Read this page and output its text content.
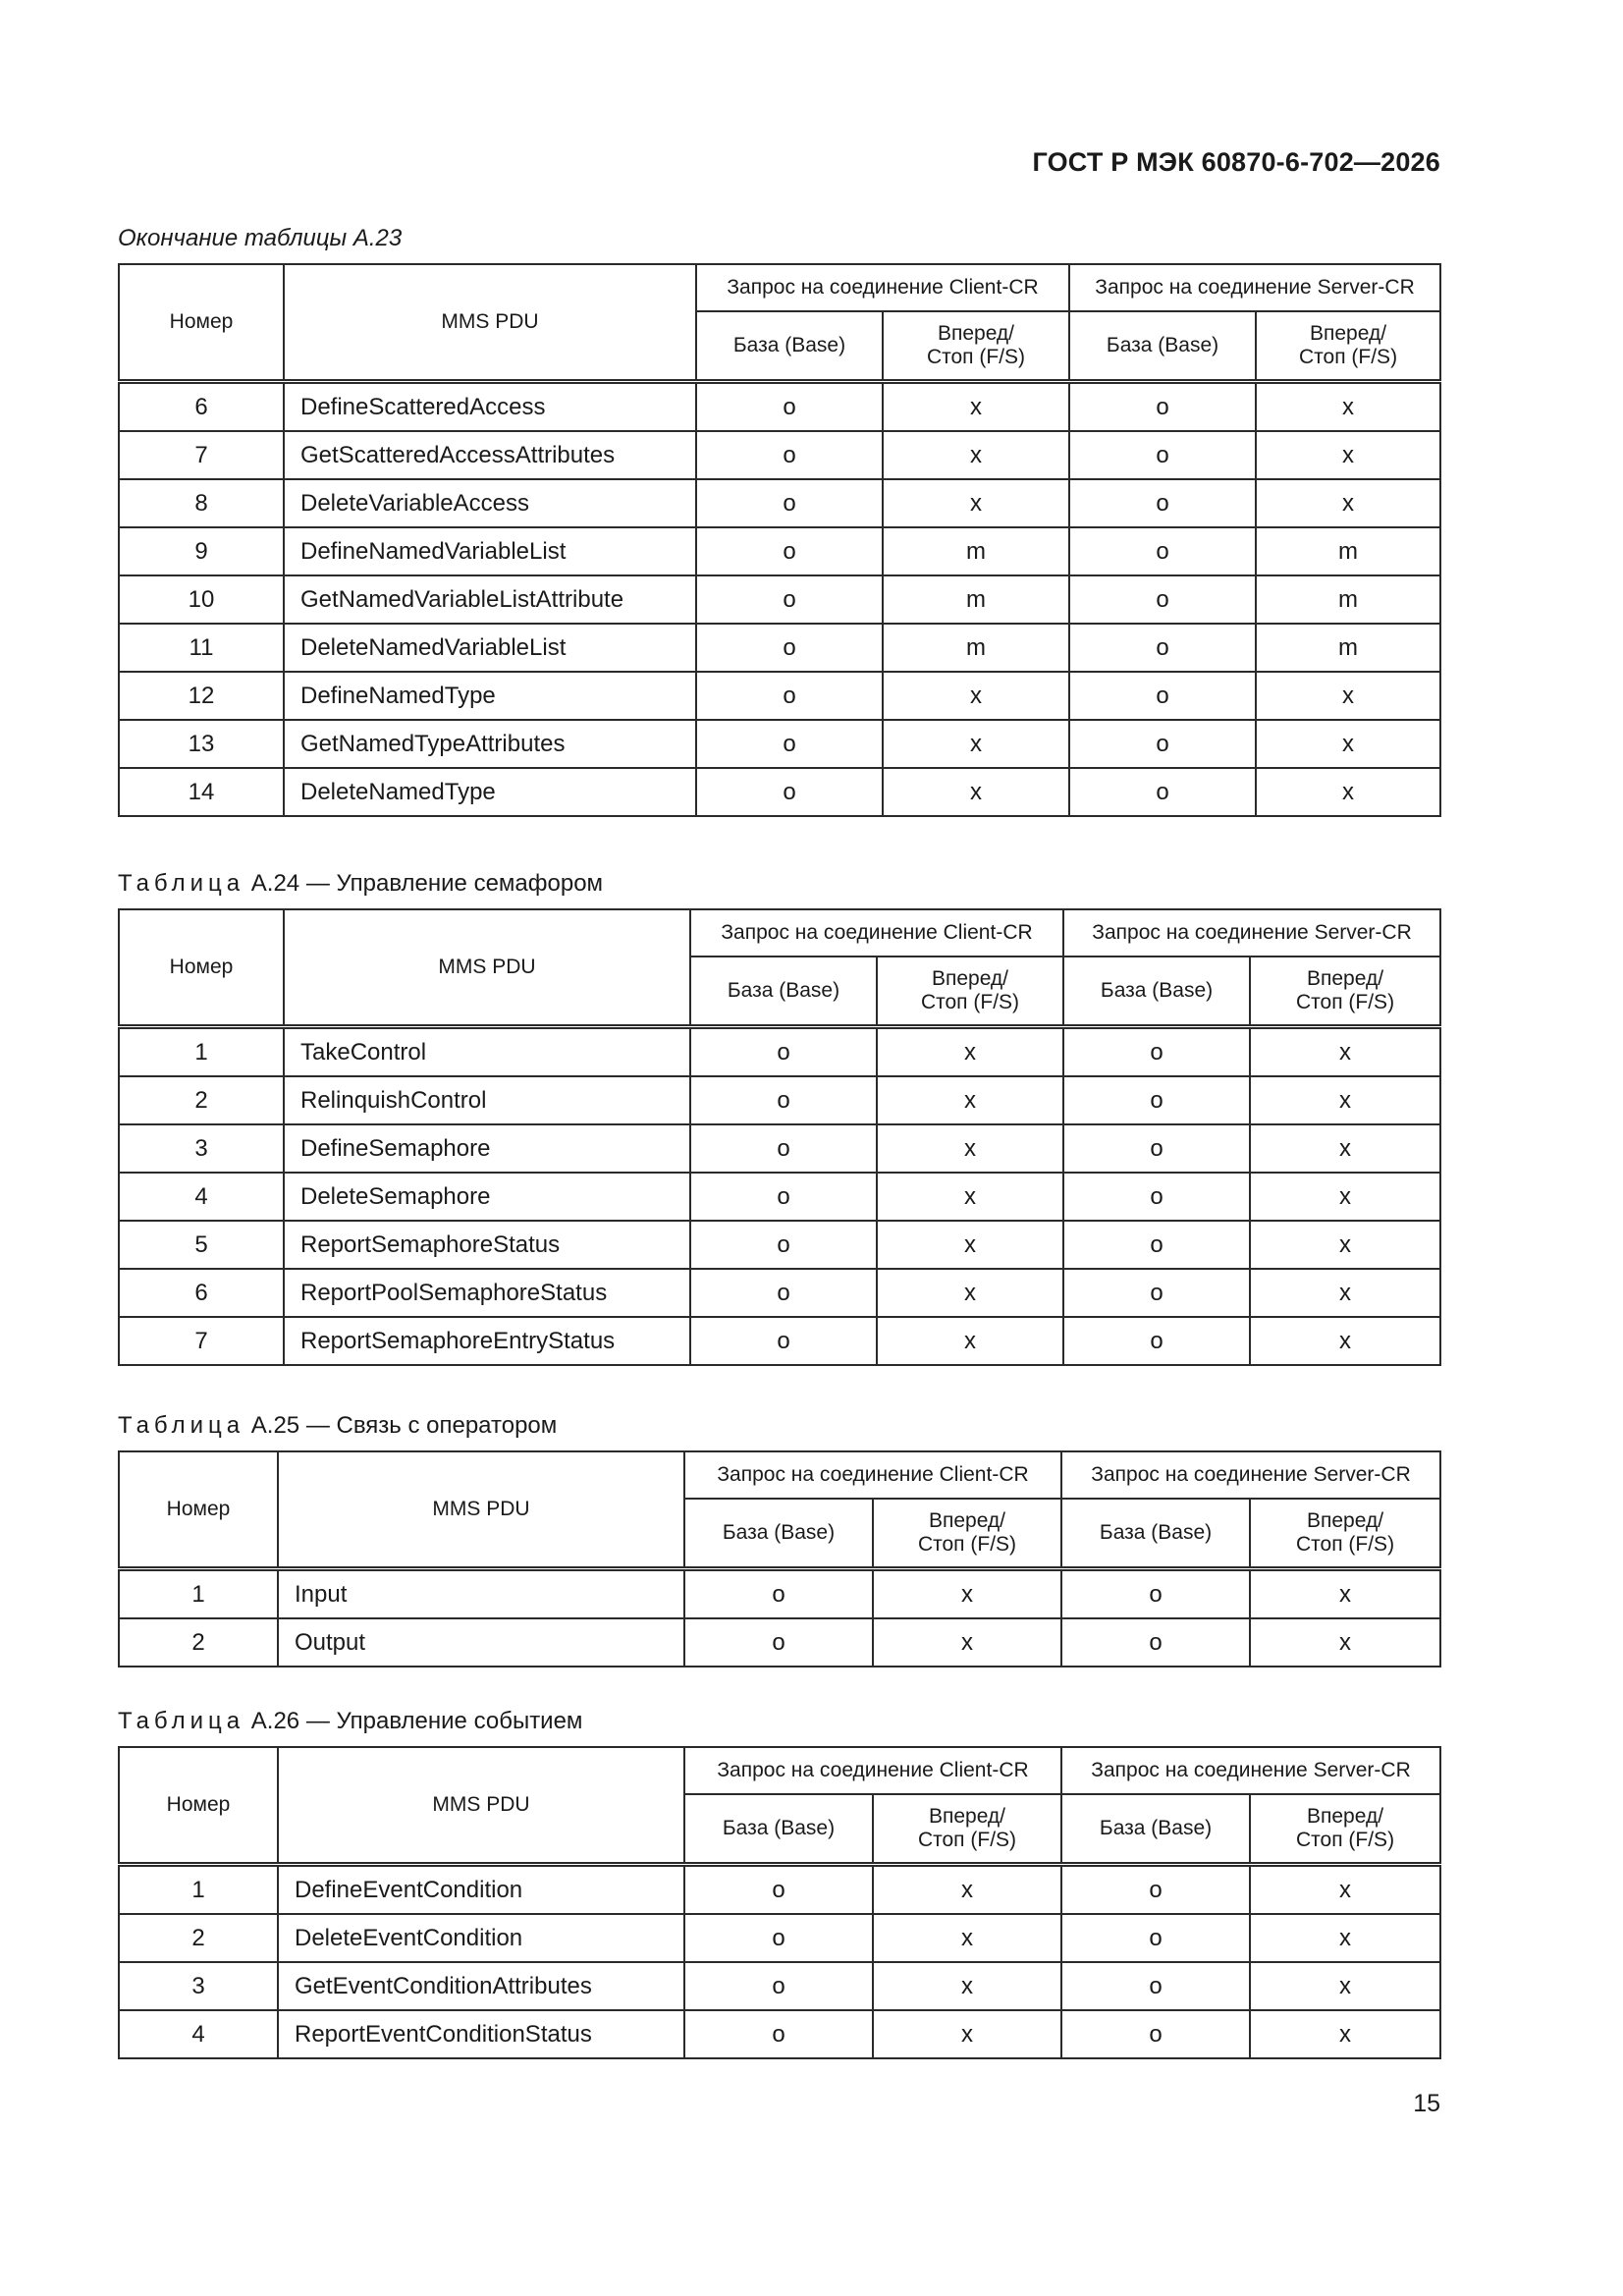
ГОСТ Р МЭК 60870-6-702—2026
Окончание таблицы А.23
Номер	MMS PDU	Запрос на соединение Client-CR		Запрос на соединение Server-CR	
		База (Base)	Вперед/Стоп (F/S)	База (Base)	Вперед/Стоп (F/S)
6	DefineScatteredAccess	o	x	o	x
7	GetScatteredAccessAttributes	o	x	o	x
8	DeleteVariableAccess	o	x	o	x
9	DefineNamedVariableList	o	m	o	m
10	GetNamedVariableListAttribute	o	m	o	m
11	DeleteNamedVariableList	o	m	o	m
12	DefineNamedType	o	x	o	x
13	GetNamedTypeAttributes	o	x	o	x
14	DeleteNamedType	o	x	o	x
Таблица А.24 — Управление семафором
Номер	MMS PDU	Запрос на соединение Client-CR		Запрос на соединение Server-CR	
		База (Base)	Вперед/Стоп (F/S)	База (Base)	Вперед/Стоп (F/S)
1	TakeControl	o	x	o	x
2	RelinquishControl	o	x	o	x
3	DefineSemaphore	o	x	o	x
4	DeleteSemaphore	o	x	o	x
5	ReportSemaphoreStatus	o	x	o	x
6	ReportPoolSemaphoreStatus	o	x	o	x
7	ReportSemaphoreEntryStatus	o	x	o	x
Таблица А.25 — Связь с оператором
Номер	MMS PDU	Запрос на соединение Client-CR		Запрос на соединение Server-CR	
		База (Base)	Вперед/Стоп (F/S)	База (Base)	Вперед/Стоп (F/S)
1	Input	o	x	o	x
2	Output	o	x	o	x
Таблица А.26 — Управление событием
Номер	MMS PDU	Запрос на соединение Client-CR		Запрос на соединение Server-CR	
		База (Base)	Вперед/Стоп (F/S)	База (Base)	Вперед/Стоп (F/S)
1	DefineEventCondition	o	x	o	x
2	DeleteEventCondition	o	x	o	x
3	GetEventConditionAttributes	o	x	o	x
4	ReportEventConditionStatus	o	x	o	x
15
